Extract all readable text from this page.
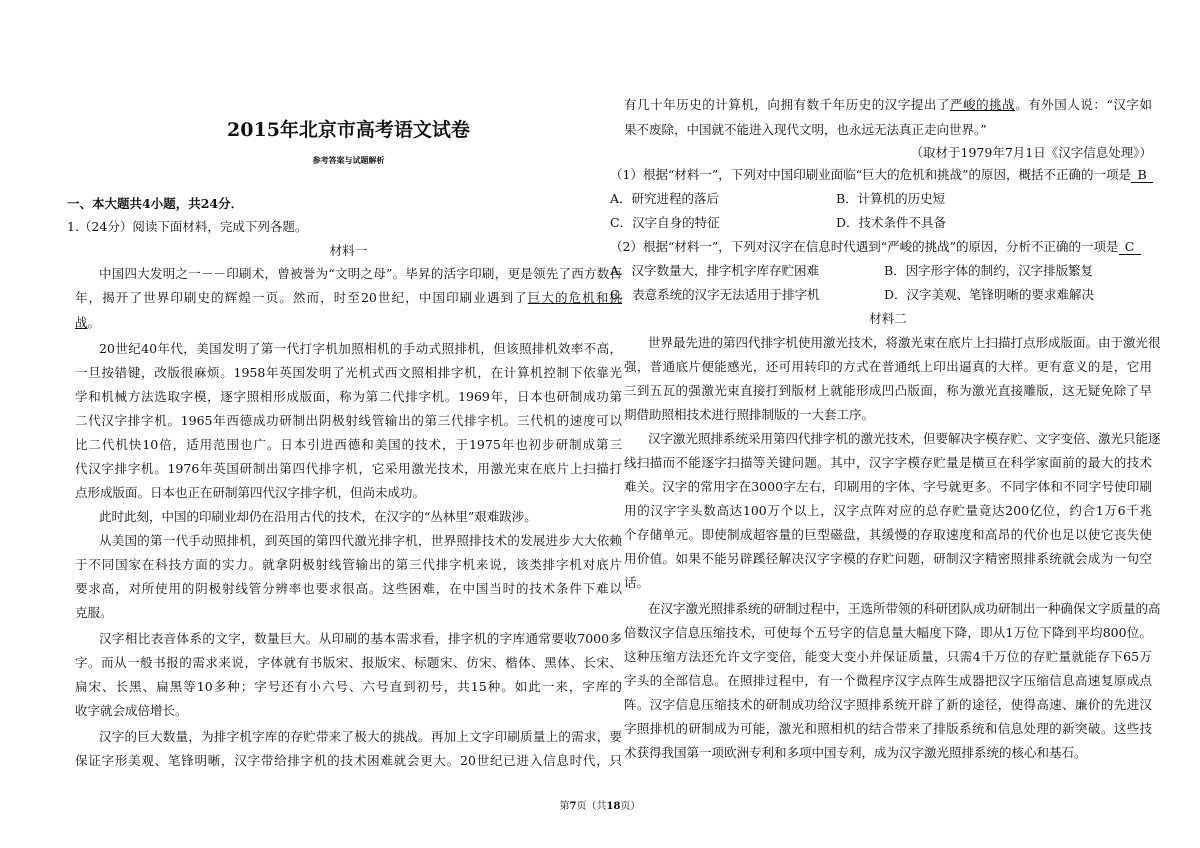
2015年北京市高考语文试卷
参考答案与试题解析
一、本大题共4小题，共24分．
1.（24分）阅读下面材料，完成下列各题。
材料一
中国四大发明之一－－印刷术，曾被誉为“文明之母”。毕昇的活字印刷，更是领先了西方数百
年，揭开了世界印刷史的辉煌一页。然而，时至20世纪，中国印刷业遇到了巨大的危机和挑
战。
20世纪40年代，美国发明了第一代打字机加照相机的手动式照排机，但该照排机效率不高，
一旦按错键，改版很麻烦。1958年英国发明了光机式西文照相排字机，在计算机控制下依靠光
学和机械方法选取字模，逐字照相形成版面，称为第二代排字机。1969年，日本也研制成功第
二代汉字排字机。1965年西德成功研制出阴极射线管输出的第三代排字机。三代机的速度可以
比二代机快10倍，适用范围也广。日本引进西德和美国的技术，于1975年也初步研制成第三
代汉字排字机。1976年英国研制出第四代排字机，它采用激光技术，用激光束在底片上扫描打
点形成版面。日本也正在研制第四代汉字排字机，但尚未成功。
此时此刻，中国的印刷业却仍在沿用古代的技术，在汉字的“丛林里”艰难跋涉。
从美国的第一代手动照排机，到英国的第四代激光排字机，世界照排技术的发展进步大大依赖
于不同国家在科技方面的实力。就拿阴极射线管输出的第三代排字机来说，该类排字机对底片
要求高，对所使用的阴极射线管分辨率也要求很高。这些困难，在中国当时的技术条件下难以
克服。
汉字相比表音体系的文字，数量巨大。从印刷的基本需求看，排字机的字库通常要收7000多
字。而从一般书报的需求来说，字体就有书版宋、报版宋、标题宋、仿宋、楷体、黑体、长宋、
扁宋、长黑、扁黑等10多种；字号还有小六号、六号直到初号，共15种。如此一来，字库的
收字就会成倍增长。
汉字的巨大数量，为排字机字库的存贮带来了极大的挑战。再加上文字印刷质量上的需求，要
保证字形美观、笔锋明晰，汉字带给排字机的技术困难就会更大。20世纪已进入信息时代，只
有几十年历史的计算机，向拥有数千年历史的汉字提出了严峻的挑战。有外国人说：“汉字如
果不废除，中国就不能进入现代文明，也永远无法真正走向世界。”
（取材于1979年7月1日《汉字信息处理》）
（1）根据“材料一”，下列对中国印刷业面临“巨大的危机和挑战”的原因，概括不正确的一项是 B
A．研究进程的落后	B．计算机的历史短
C．汉字自身的特征	D．技术条件不具备
（2）根据“材料一”，下列对汉字在信息时代遇到“严峻的挑战”的原因，分析不正确的一项是 C
A．汉字数量大，排字机字库存贮困难	B．因字形字体的制约，汉字排版繁复
C．表意系统的汉字无法适用于排字机	D．汉字美观、笔锋明晰的要求难解决
材料二
世界最先进的第四代排字机使用激光技术，将激光束在底片上扫描打点形成版面。由于激光很
强，普通底片便能感光，还可用转印的方式在普通纸上印出逼真的大样。更有意义的是，它用
三到五瓦的强激光束直接打到版材上就能形成凹凸版面，称为激光直接雕版，这无疑免除了早
期借助照相技术进行照排制版的一大套工序。
汉字激光照排系统采用第四代排字机的激光技术，但要解决字模存贮、文字变倍、激光只能逐
线扫描而不能逐字扫描等关键问题。其中，汉字字模存贮量是横亘在科学家面前的最大的技术
难关。汉字的常用字在3000字左右，印刷用的字体、字号就更多。不同字体和不同字号使印刷
用的汉字字头数高达100万个以上，汉字点阵对应的总存贮量竟达200亿位，约合1万6千兆
个存储单元。即使制成超容量的巨型磁盘，其缓慢的存取速度和高昂的代价也足以使它丧失使
用价值。如果不能另辟蹊径解决汉字字模的存贮问题，研制汉字精密照排系统就会成为一句空
话。
在汉字激光照排系统的研制过程中，王选所带领的科研团队成功研制出一种确保文字质量的高
倍数汉字信息压缩技术，可使每个五号字的信息量大幅度下降，即从1万位下降到平均800位。
这种压缩方法还允许文字变倍，能变大变小并保证质量，只需4千万位的存贮量就能存下65万
字头的全部信息。在照排过程中，有一个微程序汉字点阵生成器把汉字压缩信息高速复原成点
阵。汉字信息压缩技术的研制成功给汉字照排系统开辟了新的途径，使得高速、廉价的先进汉
字照排机的研制成为可能，激光和照相机的结合带来了排版系统和信息处理的新突破。这些技
术获得我国第一项欧洲专利和多项中国专利，成为汉字激光照排系统的核心和基石。
第7页（共18页）
